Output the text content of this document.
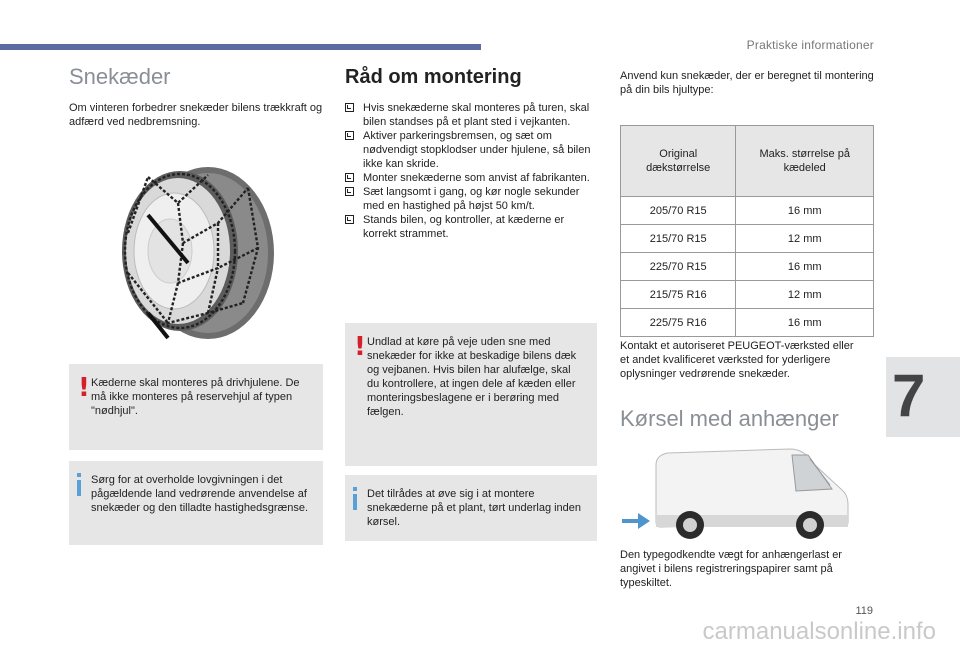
Praktiske informationer
7
Snekæder
Om vinteren forbedrer snekæder bilens trækkraft og adfærd ved nedbremsning.
! Kæderne skal monteres på drivhjulene. De må ikke monteres på reservehjul af typen "nødhjul".
Sørg for at overholde lovgivningen i det pågældende land vedrørende anvendelse af snekæder og den tilladte hastighedsgrænse.
Råd om montering
Hvis snekæderne skal monteres på turen, skal bilen standses på et plant sted i vejkanten.
Aktiver parkeringsbremsen, og sæt om nødvendigt stopklodser under hjulene, så bilen ikke kan skride.
Monter snekæderne som anvist af fabrikanten.
Sæt langsomt i gang, og kør nogle sekunder med en hastighed på højst 50 km/t.
Stands bilen, og kontroller, at kæderne er korrekt strammet.
! Undlad at køre på veje uden sne med snekæder for ikke at beskadige bilens dæk og vejbanen. Hvis bilen har alufælge, skal du kontrollere, at ingen dele af kæden eller monteringsbeslagene er i berøring med fælgen.
Det tilrådes at øve sig i at montere snekæderne på et plant, tørt underlag inden kørsel.
Anvend kun snekæder, der er beregnet til montering på din bils hjultype:
Original dækstørrelse	Maks. størrelse på kædeled
205/70 R15	16 mm
215/70 R15	12 mm
225/70 R15	16 mm
215/75 R16	12 mm
225/75 R16	16 mm
Kontakt et autoriseret PEUGEOT-værksted eller et andet kvalificeret værksted for yderligere oplysninger vedrørende snekæder.
Kørsel med anhænger
Den typegodkendte vægt for anhængerlast er angivet i bilens registreringspapirer samt på typeskiltet.
119
carmanualsonline.info
